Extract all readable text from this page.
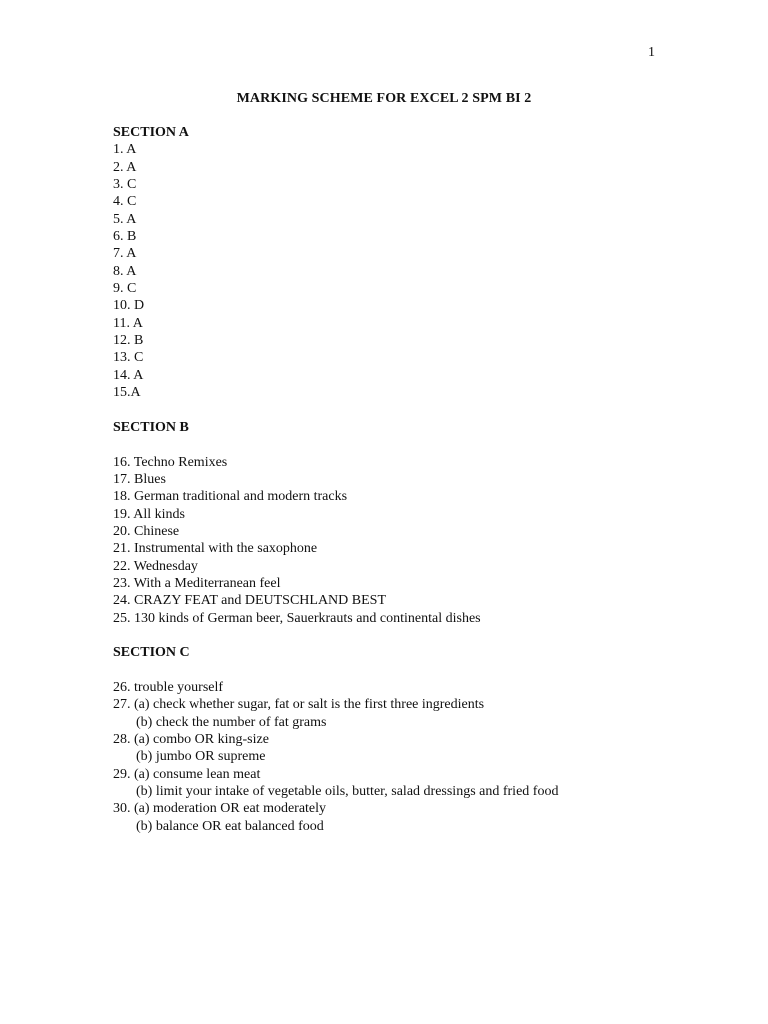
1
MARKING SCHEME FOR EXCEL 2 SPM BI 2
SECTION A
1. A
2. A
3. C
4. C
5. A
6. B
7. A
8. A
9. C
10. D
11. A
12. B
13. C
14. A
15.A
SECTION B
16. Techno Remixes
17. Blues
18. German traditional and modern tracks
19. All kinds
20. Chinese
21. Instrumental with the saxophone
22. Wednesday
23. With a Mediterranean feel
24. CRAZY FEAT and DEUTSCHLAND BEST
25. 130 kinds of German beer, Sauerkrauts and continental dishes
SECTION C
26. trouble yourself
27. (a) check whether sugar, fat or salt is the first three ingredients
(b) check the number of fat grams
28. (a) combo OR king-size
(b) jumbo OR supreme
29. (a) consume lean meat
(b) limit your intake of vegetable oils, butter, salad dressings and fried food
30. (a) moderation OR eat moderately
(b) balance OR eat balanced food
